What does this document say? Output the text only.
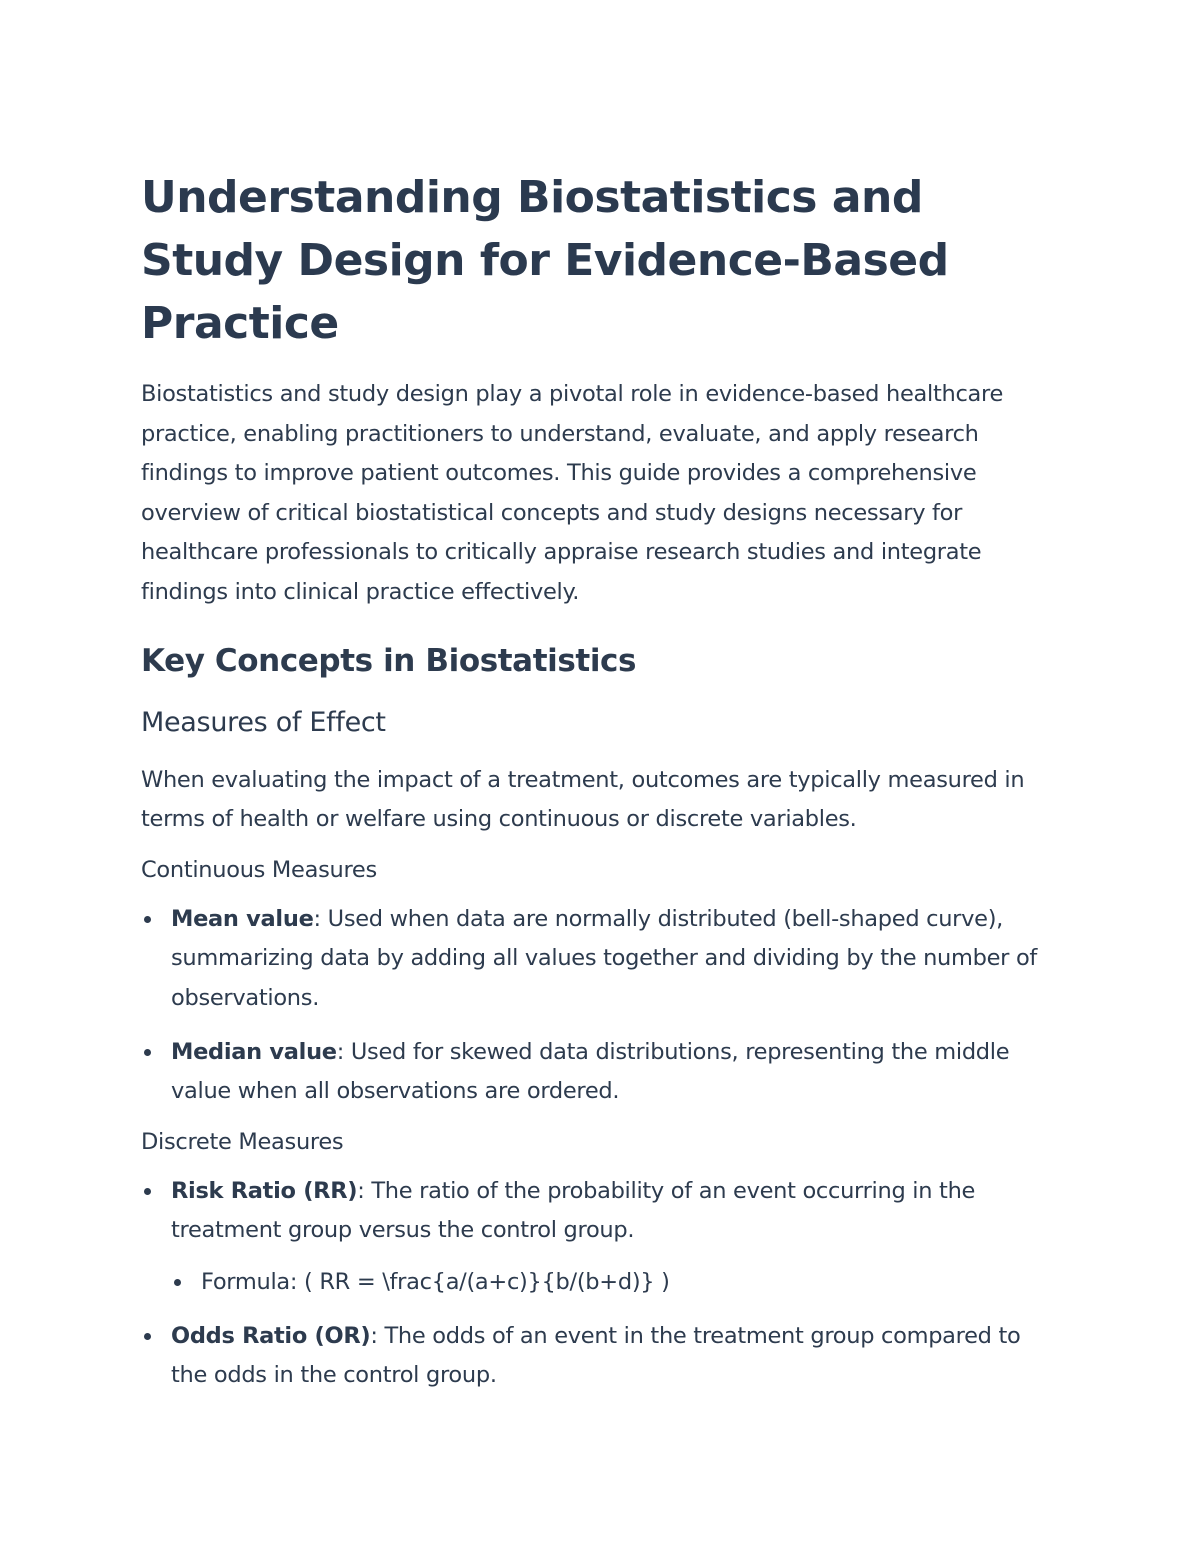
Understanding Biostatistics and Study Design for Evidence-Based Practice

Biostatistics and study design play a pivotal role in evidence-based healthcare practice, enabling practitioners to understand, evaluate, and apply research findings to improve patient outcomes. This guide provides a comprehensive overview of critical biostatistical concepts and study designs necessary for healthcare professionals to critically appraise research studies and integrate findings into clinical practice effectively.

Key Concepts in Biostatistics
Measures of Effect

When evaluating the impact of a treatment, outcomes are typically measured in terms of health or welfare using continuous or discrete variables.

Continuous Measures
Mean value: Used when data are normally distributed (bell-shaped curve), summarizing data by adding all values together and dividing by the number of observations.
Median value: Used for skewed data distributions, representing the middle value when all observations are ordered.
Discrete Measures
Risk Ratio (RR): The ratio of the probability of an event occurring in the treatment group versus the control group.
Formula: ( RR = \frac{a/(a+c)}{b/(b+d)} )
Odds Ratio (OR): The odds of an event in the treatment group compared to the odds in the control group.
